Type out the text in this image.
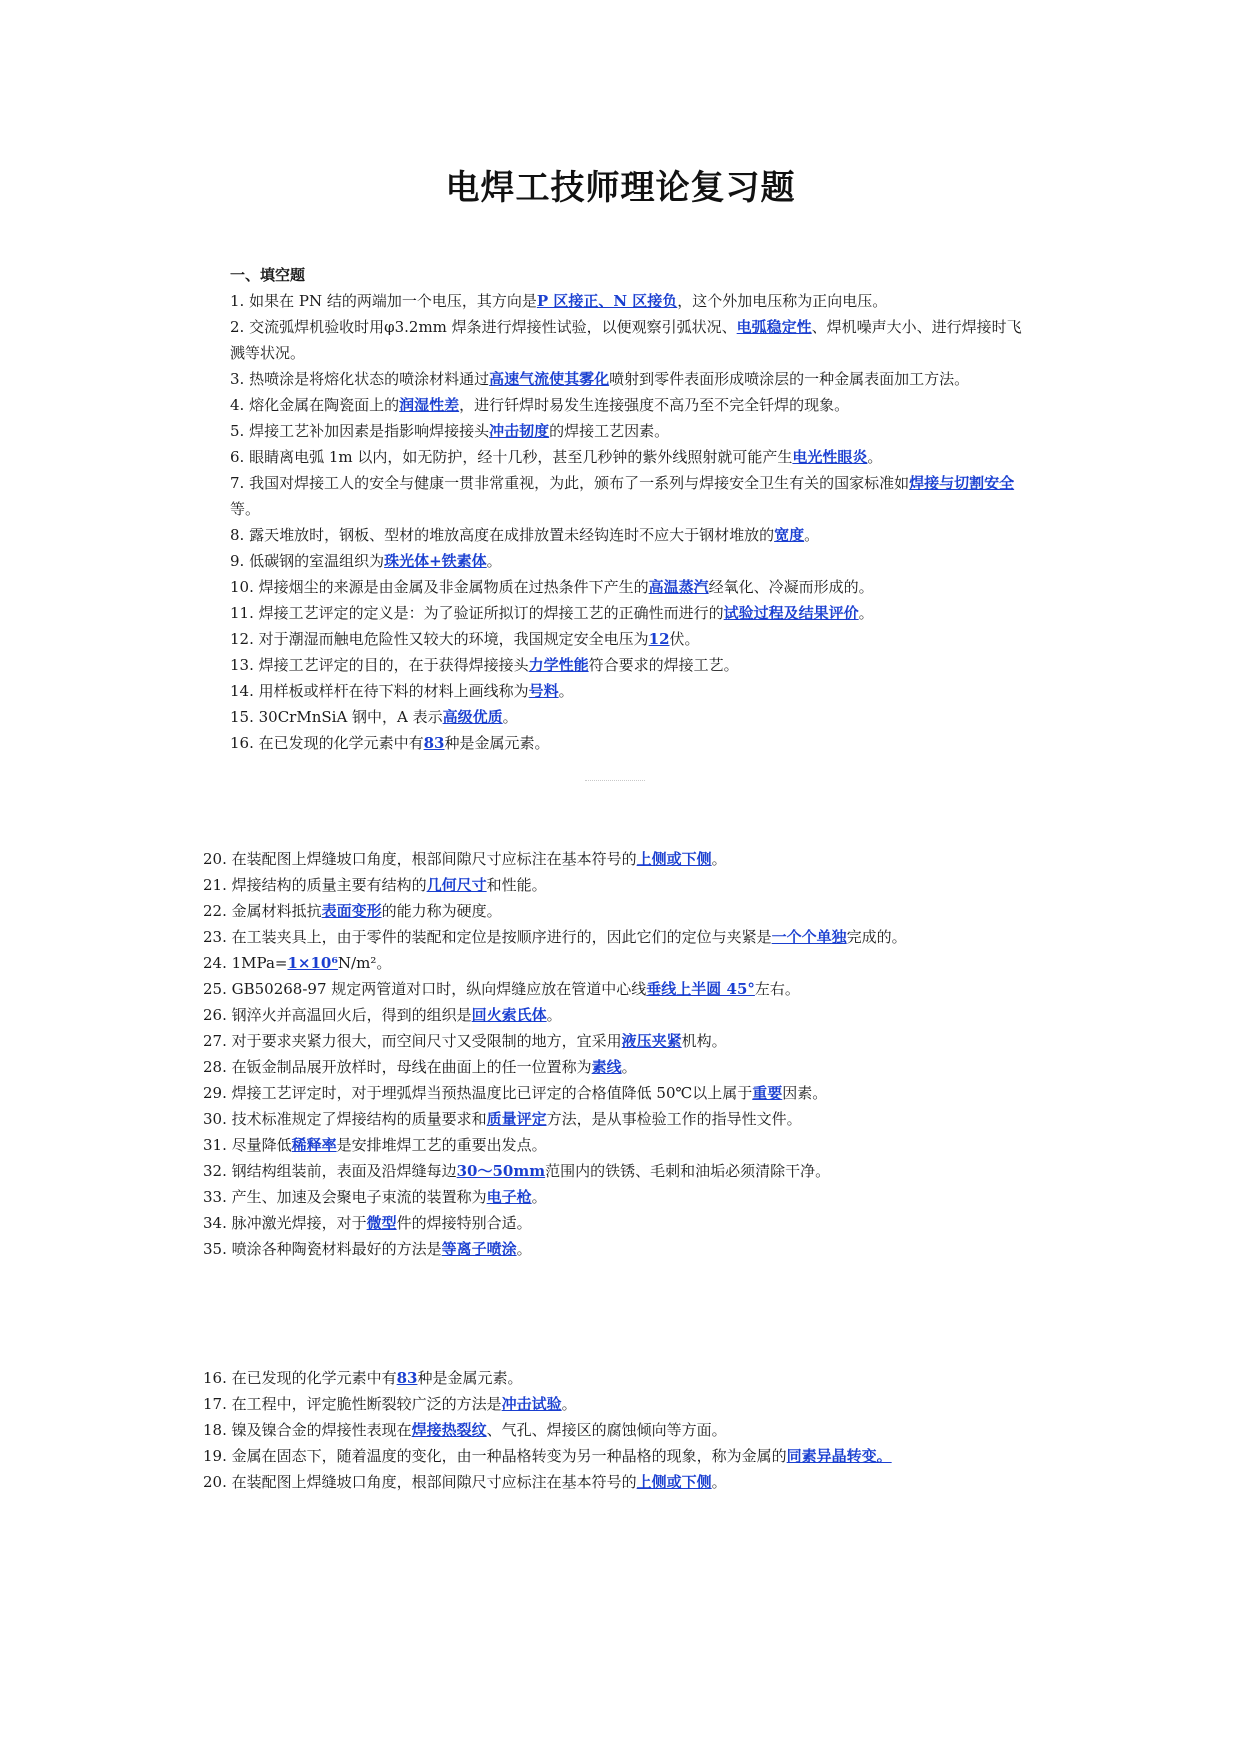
电焊工技师理论复习题
一、填空题

1. 如果在 PN 结的两端加一个电压，其方向是P 区接正、N 区接负，这个外加电压称为正向电压。

2. 交流弧焊机验收时用φ3.2mm 焊条进行焊接性试验，以便观察引弧状况、电弧稳定性、焊机噪声大小、进行焊接时飞溅等状况。

3. 热喷涂是将熔化状态的喷涂材料通过高速气流使其雾化喷射到零件表面形成喷涂层的一种金属表面加工方法。

4. 熔化金属在陶瓷面上的润湿性差，进行钎焊时易发生连接强度不高乃至不完全钎焊的现象。

5. 焊接工艺补加因素是指影响焊接接头冲击韧度的焊接工艺因素。

6. 眼睛离电弧 1m 以内，如无防护，经十几秒，甚至几秒钟的紫外线照射就可能产生电光性眼炎。

7. 我国对焊接工人的安全与健康一贯非常重视，为此，颁布了一系列与焊接安全卫生有关的国家标准如焊接与切割安全等。

8. 露天堆放时，钢板、型材的堆放高度在成排放置未经钩连时不应大于钢材堆放的宽度。

9. 低碳钢的室温组织为珠光体+铁素体。

10. 焊接烟尘的来源是由金属及非金属物质在过热条件下产生的高温蒸汽经氧化、冷凝而形成的。

11. 焊接工艺评定的定义是：为了验证所拟订的焊接工艺的正确性而进行的试验过程及结果评价。

12. 对于潮湿而触电危险性又较大的环境，我国规定安全电压为12伏。

13. 焊接工艺评定的目的，在于获得焊接接头力学性能符合要求的焊接工艺。

14. 用样板或样杆在待下料的材料上画线称为号料。

15. 30CrMnSiA 钢中，A 表示高级优质。

16. 在已发现的化学元素中有83种是金属元素。

20. 在装配图上焊缝坡口角度，根部间隙尺寸应标注在基本符号的上侧或下侧。

21. 焊接结构的质量主要有结构的几何尺寸和性能。

22. 金属材料抵抗表面变形的能力称为硬度。

23. 在工装夹具上，由于零件的装配和定位是按顺序进行的，因此它们的定位与夹紧是一个个单独完成的。

24. 1MPa=1×10⁶N/m²。

25. GB50268-97 规定两管道对口时，纵向焊缝应放在管道中心线垂线上半圆 45°左右。

26. 钢淬火并高温回火后，得到的组织是回火索氏体。

27. 对于要求夹紧力很大，而空间尺寸又受限制的地方，宜采用液压夹紧机构。

28. 在钣金制品展开放样时，母线在曲面上的任一位置称为素线。

29. 焊接工艺评定时，对于埋弧焊当预热温度比已评定的合格值降低 50℃以上属于重要因素。

30. 技术标准规定了焊接结构的质量要求和质量评定方法，是从事检验工作的指导性文件。

31. 尽量降低稀释率是安排堆焊工艺的重要出发点。

32. 钢结构组装前，表面及沿焊缝每边30～50mm范围内的铁锈、毛刺和油垢必须清除干净。

33. 产生、加速及会聚电子束流的装置称为电子枪。

34. 脉冲激光焊接，对于微型件的焊接特别合适。

35. 喷涂各种陶瓷材料最好的方法是等离子喷涂。

16. 在已发现的化学元素中有83种是金属元素。

17. 在工程中，评定脆性断裂较广泛的方法是冲击试验。

18. 镍及镍合金的焊接性表现在焊接热裂纹、气孔、焊接区的腐蚀倾向等方面。

19. 金属在固态下，随着温度的变化，由一种晶格转变为另一种晶格的现象，称为金属的同素异晶转变。

20. 在装配图上焊缝坡口角度，根部间隙尺寸应标注在基本符号的上侧或下侧。
